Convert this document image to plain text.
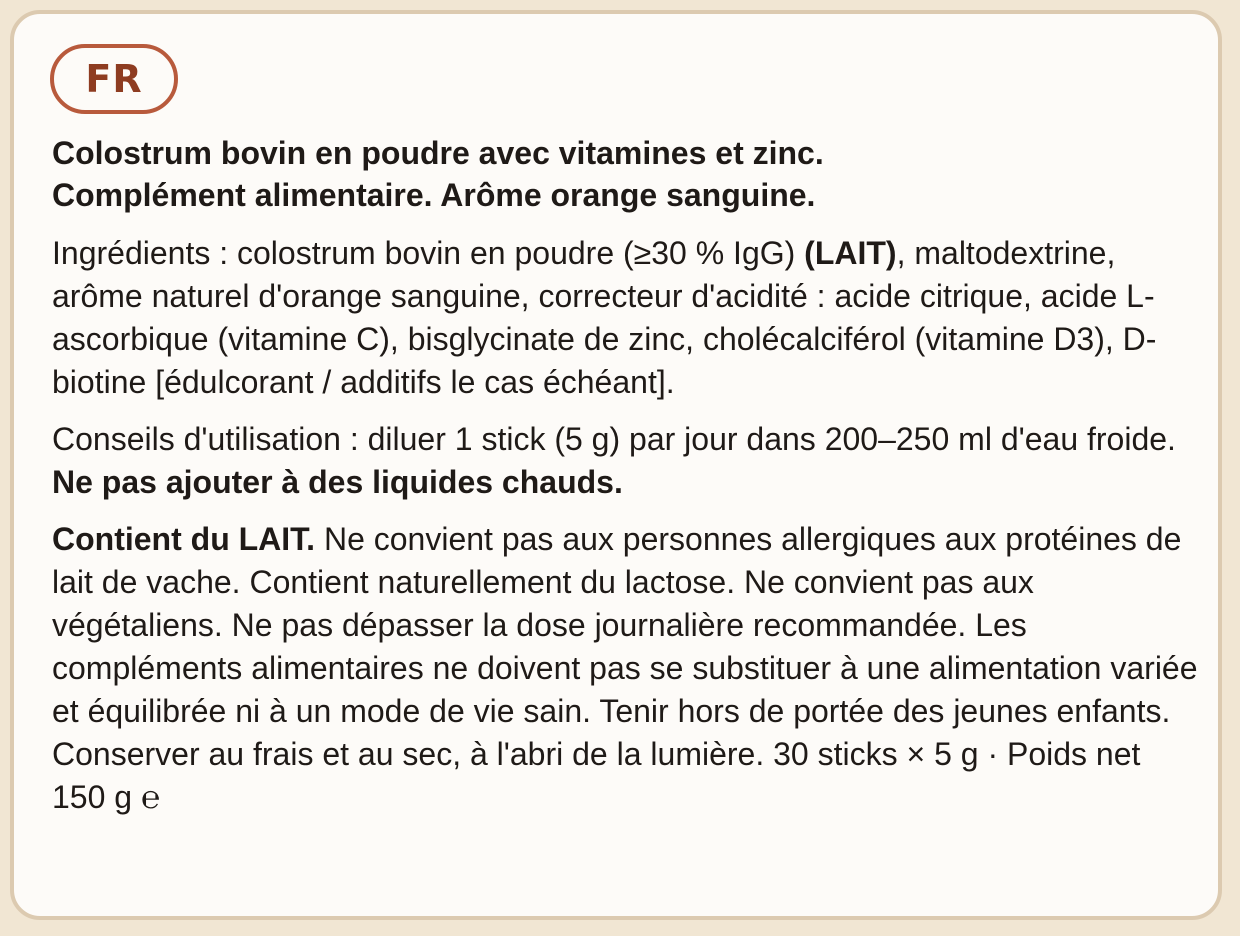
FR
Colostrum bovin en poudre avec vitamines et zinc.
Complément alimentaire. Arôme orange sanguine.
Ingrédients : colostrum bovin en poudre (≥30 % IgG) (LAIT), maltodextrine, arôme naturel d'orange sanguine, correcteur d'acidité : acide citrique, acide L-ascorbique (vitamine C), bisglycinate de zinc, cholécalciférol (vitamine D3), D-biotine [édulcorant / additifs le cas échéant].
Conseils d'utilisation : diluer 1 stick (5 g) par jour dans 200–250 ml d'eau froide. Ne pas ajouter à des liquides chauds.
Contient du LAIT. Ne convient pas aux personnes allergiques aux protéines de lait de vache. Contient naturellement du lactose. Ne convient pas aux végétaliens. Ne pas dépasser la dose journalière recommandée. Les compléments alimentaires ne doivent pas se substituer à une alimentation variée et équilibrée ni à un mode de vie sain. Tenir hors de portée des jeunes enfants. Conserver au frais et au sec, à l'abri de la lumière. 30 sticks × 5 g · Poids net 150 g ℮
